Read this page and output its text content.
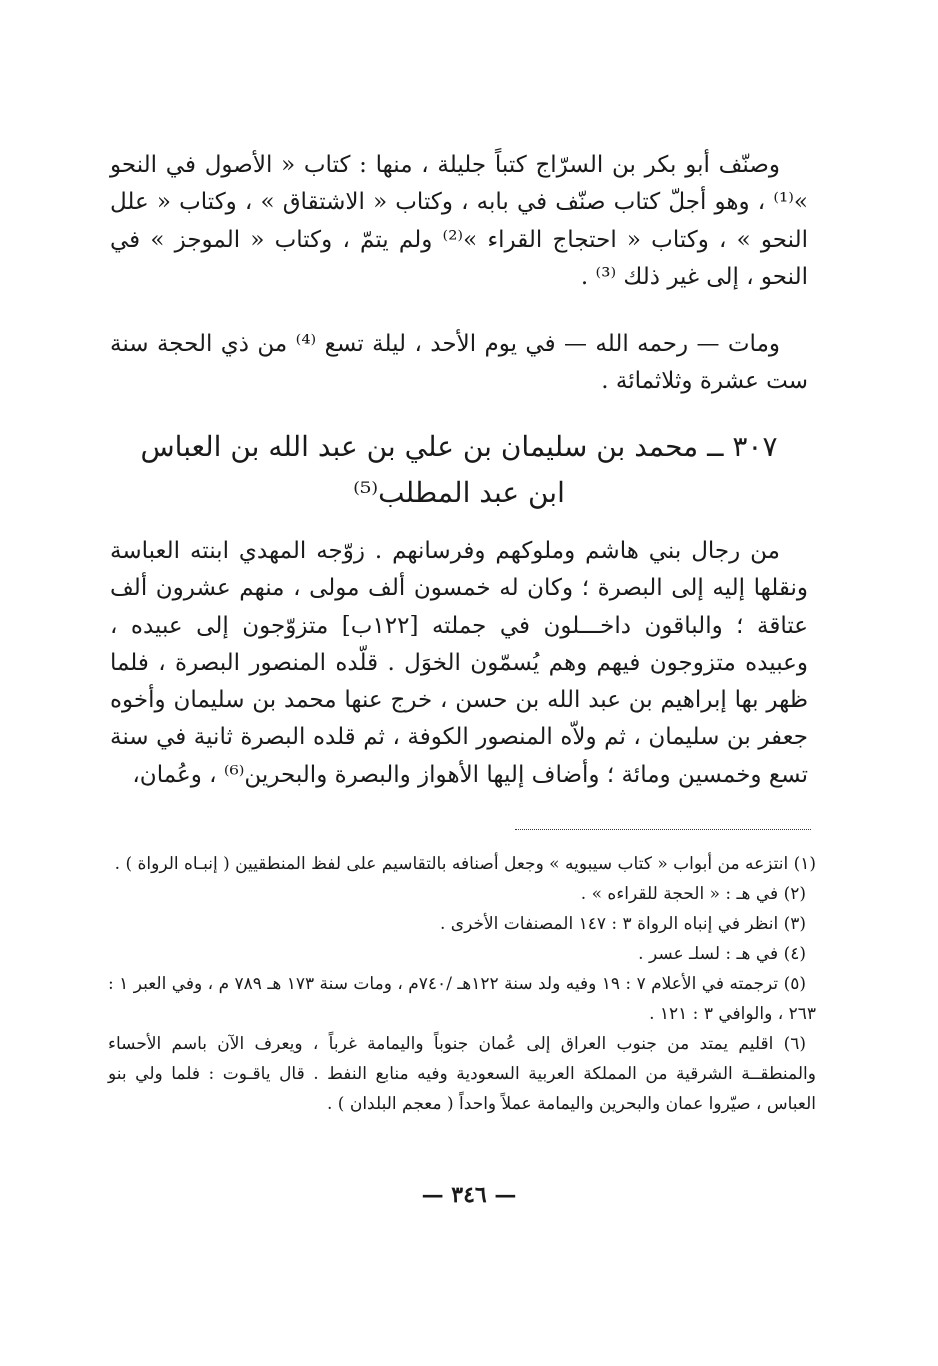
وصنّف أبو بكر بن السرّاج كتباً جليلة ، منها : كتاب « الأصول في النحو »⁽¹⁾ ، وهو أجلّ كتاب صنّف في بابه ، وكتاب « الاشتقاق » ، وكتاب « علل النحو » ، وكتاب « احتجاج القراء »⁽²⁾ ولم يتمّ ، وكتاب « الموجز » في النحو ، إلى غير ذلك ⁽³⁾ .

ومات — رحمه الله — في يوم الأحد ، ليلة تسع ⁽⁴⁾ من ذي الحجة سنة ست عشرة وثلاثمائة .

٣٠٧ ــ محمد بن سليمان بن علي بن عبد الله بن العباس
ابن عبد المطلب⁽⁵⁾

من رجال بني هاشم وملوكهم وفرسانهم . زوّجه المهدي ابنته العباسة ونقلها إليه إلى البصرة ؛ وكان له خمسون ألف مولى ، منهم عشرون ألف عتاقة ؛ والباقون داخـــلون في جملته [١٢٢ب] متزوّجون إلى عبيده ، وعبيده متزوجون فيهم وهم يُسمّون الخوَل . قلّده المنصور البصرة ، فلما ظهر بها إبراهيم بن عبد الله بن حسن ، خرج عنها محمد بن سليمان وأخوه جعفر بن سليمان ، ثم ولاّه المنصور الكوفة ، ثم قلده البصرة ثانية في سنة تسع وخمسين ومائة ؛ وأضاف إليها الأهواز والبصرة والبحرين⁽⁶⁾ ، وعُمان،

(١) انتزعه من أبواب « كتاب سيبويه » وجعل أصنافه بالتقاسيم على لفظ المنطقيين ( إنبـاه الرواة ) .
(٢) في هـ : « الحجة للقراءه » .
(٣) انظر في إنباه الرواة ٣ : ١٤٧ المصنفات الأخرى .
(٤) في هـ : لسلـ عسر .
(٥) ترجمته في الأعلام ٧ : ١٩ وفيه ولد سنة ١٢٢هـ /٧٤٠م ، ومات سنة ١٧٣ هـ ٧٨٩ م ، وفي العبر ١ : ٢٦٣ ، والوافي ٣ : ١٢١ .
(٦) اقليم يمتد من جنوب العراق إلى عُمان جنوباً واليمامة غرباً ، ويعرف الآن باسم الأحساء والمنطقــة الشرقية من المملكة العربية السعودية وفيه منابع النفط . قال ياقـوت : فلما ولي بنو العباس ، صيّروا عمان والبحرين واليمامة عملاً واحداً ( معجم البلدان ) .
— ٣٤٦ —
